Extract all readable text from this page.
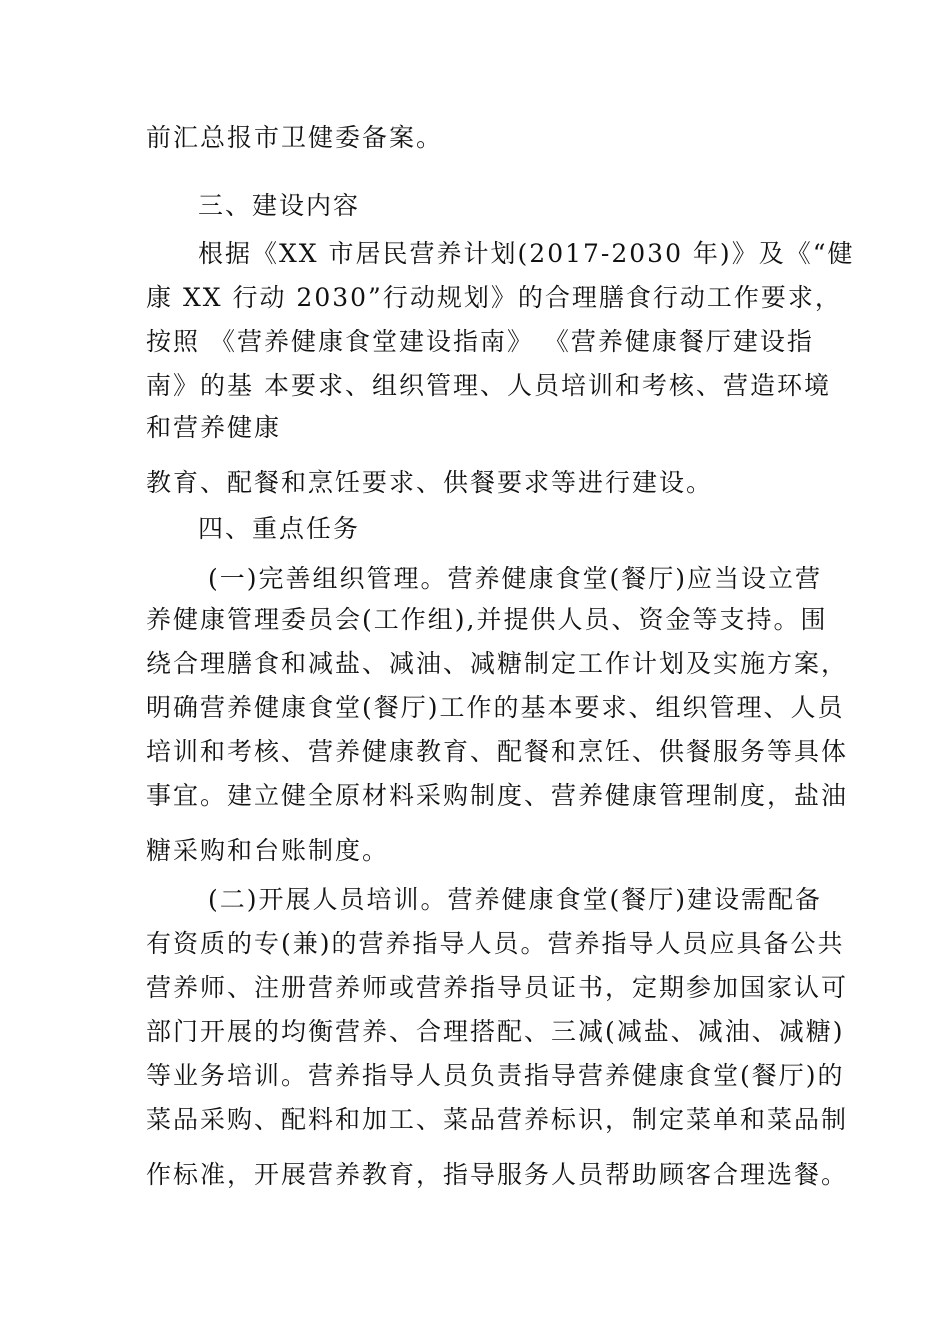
前汇总报市卫健委备案。
三、建设内容
根据《XX 市居民营养计划(2017-2030 年)》及《“健
康 XX 行动 2030”行动规划》的合理膳食行动工作要求，
按照 《营养健康食堂建设指南》 《营养健康餐厅建设指
南》的基 本要求、组织管理、人员培训和考核、营造环境
和营养健康
教育、配餐和烹饪要求、供餐要求等进行建设。
四、重点任务
(一)完善组织管理。营养健康食堂(餐厅)应当设立营
养健康管理委员会(工作组),并提供人员、资金等支持。围
绕合理膳食和减盐、减油、减糖制定工作计划及实施方案，
明确营养健康食堂(餐厅)工作的基本要求、组织管理、人员
培训和考核、营养健康教育、配餐和烹饪、供餐服务等具体
事宜。建立健全原材料采购制度、营养健康管理制度，盐油
糖采购和台账制度。
(二)开展人员培训。营养健康食堂(餐厅)建设需配备
有资质的专(兼)的营养指导人员。营养指导人员应具备公共
营养师、注册营养师或营养指导员证书，定期参加国家认可
部门开展的均衡营养、合理搭配、三减(减盐、减油、减糖)
等业务培训。营养指导人员负责指导营养健康食堂(餐厅)的
菜品采购、配料和加工、菜品营养标识，制定菜单和菜品制
作标准，开展营养教育，指导服务人员帮助顾客合理选餐。
